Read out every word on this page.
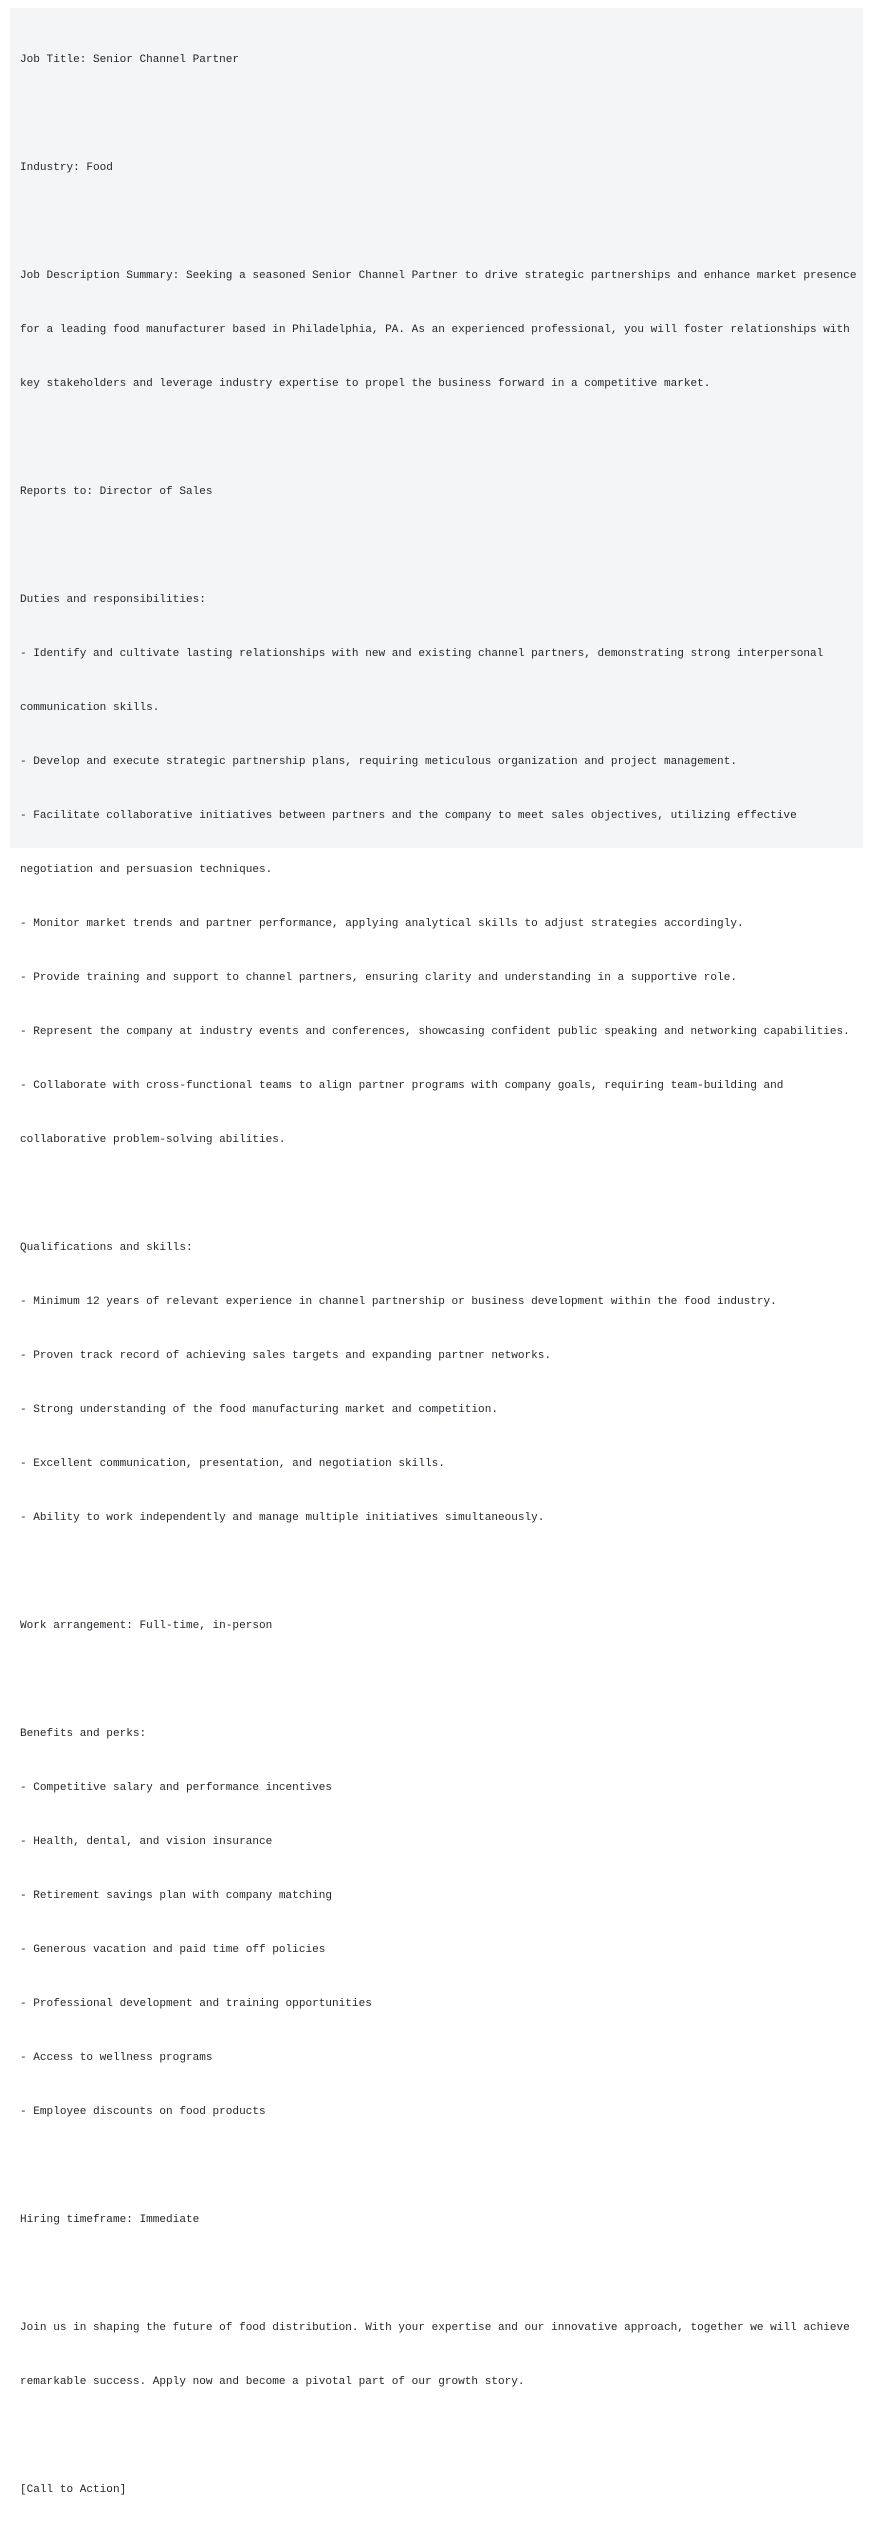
Job Title: Senior Channel Partner

Industry: Food

Job Description Summary: Seeking a seasoned Senior Channel Partner to drive strategic partnerships and enhance market presence

for a leading food manufacturer based in Philadelphia, PA. As an experienced professional, you will foster relationships with

key stakeholders and leverage industry expertise to propel the business forward in a competitive market.

Reports to: Director of Sales

Duties and responsibilities:

- Identify and cultivate lasting relationships with new and existing channel partners, demonstrating strong interpersonal

communication skills.

- Develop and execute strategic partnership plans, requiring meticulous organization and project management.

- Facilitate collaborative initiatives between partners and the company to meet sales objectives, utilizing effective

negotiation and persuasion techniques.

- Monitor market trends and partner performance, applying analytical skills to adjust strategies accordingly.

- Provide training and support to channel partners, ensuring clarity and understanding in a supportive role.

- Represent the company at industry events and conferences, showcasing confident public speaking and networking capabilities.

- Collaborate with cross-functional teams to align partner programs with company goals, requiring team-building and

collaborative problem-solving abilities.

Qualifications and skills:

- Minimum 12 years of relevant experience in channel partnership or business development within the food industry.

- Proven track record of achieving sales targets and expanding partner networks.

- Strong understanding of the food manufacturing market and competition.

- Excellent communication, presentation, and negotiation skills.

- Ability to work independently and manage multiple initiatives simultaneously.

Work arrangement: Full-time, in-person

Benefits and perks:

- Competitive salary and performance incentives

- Health, dental, and vision insurance

- Retirement savings plan with company matching

- Generous vacation and paid time off policies

- Professional development and training opportunities

- Access to wellness programs

- Employee discounts on food products

Hiring timeframe: Immediate

Join us in shaping the future of food distribution. With your expertise and our innovative approach, together we will achieve

remarkable success. Apply now and become a pivotal part of our growth story.

[Call to Action]
